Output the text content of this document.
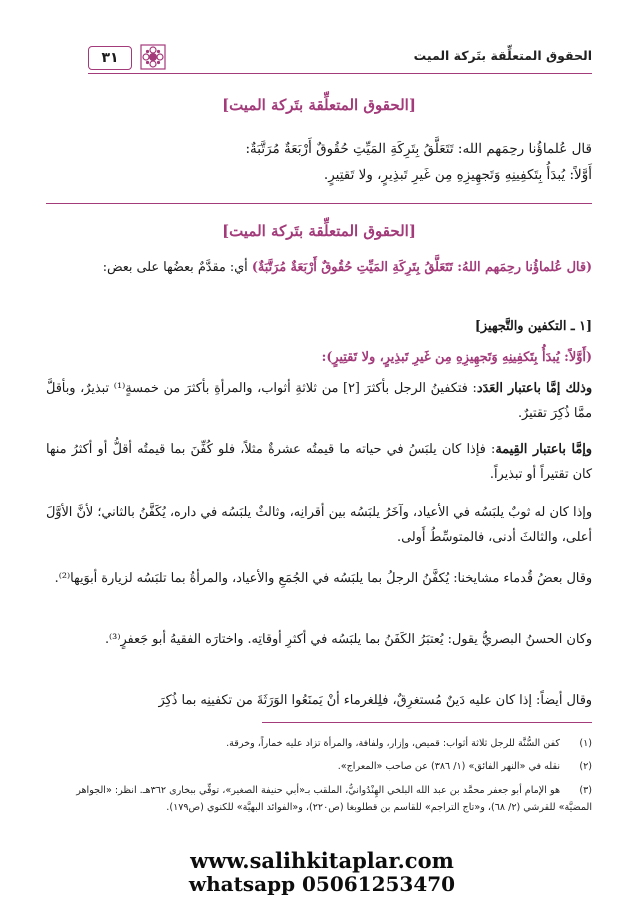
الحقوق المتعلِّقة بتَركة الميت
٣١
[الحقوق المتعلِّقة بتَركة الميت]
قال عُلماؤُنا رحِمَهم الله: تَتَعَلَّقُ بِتَرِكَةِ المَيِّتِ حُقُوقٌ أَرْبَعَةٌ مُرَتَّبَةٌ:
أَوَّلاً: يُبدَأُ بِتَكفِينِهِ وَتَجهِيزِهِ مِن غَيرِ تَبذِيرٍ، ولا تَقتِيرٍ.
[الحقوق المتعلِّقة بتَركة الميت]
(قال عُلماؤُنا رحِمَهم اللهُ: تَتَعَلَّقُ بِتَرِكَةِ المَيِّتِ حُقُوقٌ أَرْبَعَةٌ مُرَتَّبَةٌ) أي: مقدَّمٌ بعضُها على بعض:
[١ ـ التكفين والتَّجهيز]
(أَوَّلاً: يُبدَأُ بِتَكفِينِهِ وَتَجهِيزِهِ مِن غَيرِ تَبذِيرٍ، ولا تَقتِيرٍ):
وذلك إمَّا باعتبار العَدَد: فتكفينُ الرجل بأكثرَ [٢] من ثلاثةِ أثواب، والمرأةِ بأكثرَ من خمسةٍ⁽¹⁾ تبذيرٌ، وبأقلَّ ممَّا ذُكِرَ تقتيرٌ.
وإمَّا باعتبار القِيمة: فإذا كان يلبَسُ في حياته ما قيمتُه عشرةٌ مثلاً، فلو كُفِّنَ بما قيمتُه أقلُّ أو أكثرُ منها كان تقتيراً أو تبذيراً.
وإذا كان له ثوبٌ يلبَسُه في الأعياد، وآخَرُ يلبَسُه بين أقرانِه، وثالثٌ يلبَسُه في داره، يُكَفَّنُ بالثاني؛ لأنَّ الأوَّلَ أعلى، والثالثَ أدنى، فالمتوسِّطُ أَولى.
وقال بعضُ قُدماء مشايخنا: يُكفَّنُ الرجلُ بما يلبَسُه في الجُمَعِ والأعياد، والمرأةُ بما تلبَسُه لزيارة أبوَيها⁽²⁾.
وكان الحسنُ البصريُّ يقول: يُعتبَرُ الكَفَنُ بما يلبَسُه في أكثرِ أوقاتِه. واختارَه الفقيهُ أبو جَعفرٍ⁽³⁾.
وقال أيضاً: إذا كان عليه دَينٌ مُستغرِقٌ، فلِلغرماء أنْ يَمنَعُوا الوَرَثَةَ من تكفينِه بما ذُكِرَ
(١)كفن السُّنَّة للرجل ثلاثة أثواب: قميص، وإزار، ولفافة، والمرأة تزاد عليه خماراً، وخرقة.
(٢)نقله في «النهر الفائق» (١/ ٣٨٦) عن صاحب «المعراج».
(٣)هو الإمام أبو جعفر محمَّد بن عبد الله البلخي الهِنْدُوانيُّ، الملقب بـ«أبي حنيفة الصغير»، توفِّي ببخارى ٣٦٢هـ. انظر: «الجواهر المضيَّة» للقرشي (٢/ ٦٨)، و«تاج التراجم» للقاسم بن قطلوبغا (ص٢٢٠)، و«الفوائد البهيَّة» للكنوي (ص١٧٩).
www.salihkitaplar.com
whatsapp 05061253470
